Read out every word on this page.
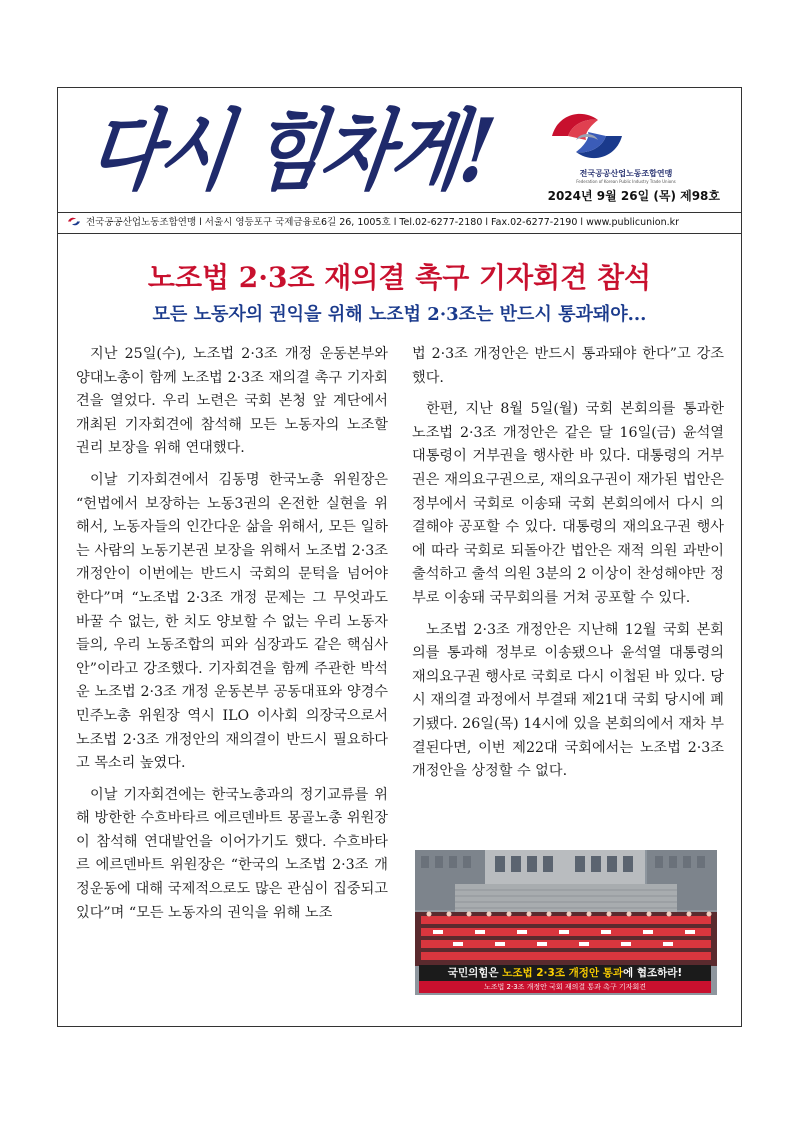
다시 힘차게!	전국공공산업노동조합연맹
Federation of Korean Public Industry Trade Unions
2024년 9월 26일 (목) 제98호
전국공공산업노동조합연맹 l 서울시 영등포구 국제금융로6길 26, 1005호 l Tel.02-6277-2180 l Fax.02-6277-2190 l www.publicunion.kr
노조법 2·3조 재의결 촉구 기자회견 참석
모든 노동자의 권익을 위해 노조법 2·3조는 반드시 통과돼야...

지난 25일(수), 노조법 2·3조 개정 운동본부와 양대노총이 함께 노조법 2·3조 재의결 촉구 기자회견을 열었다. 우리 노련은 국회 본청 앞 계단에서 개최된 기자회견에 참석해 모든 노동자의 노조할 권리 보장을 위해 연대했다.

이날 기자회견에서 김동명 한국노총 위원장은 “헌법에서 보장하는 노동3권의 온전한 실현을 위해서, 노동자들의 인간다운 삶을 위해서, 모든 일하는 사람의 노동기본권 보장을 위해서 노조법 2·3조 개정안이 이번에는 반드시 국회의 문턱을 넘어야 한다”며 “노조법 2·3조 개정 문제는 그 무엇과도 바꿀 수 없는, 한 치도 양보할 수 없는 우리 노동자들의, 우리 노동조합의 피와 심장과도 같은 핵심사안”이라고 강조했다. 기자회견을 함께 주관한 박석운 노조법 2·3조 개정 운동본부 공동대표와 양경수 민주노총 위원장 역시 ILO 이사회 의장국으로서 노조법 2·3조 개정안의 재의결이 반드시 필요하다고 목소리 높였다.

이날 기자회견에는 한국노총과의 정기교류를 위해 방한한 수흐바타르 에르덴바트 몽골노총 위원장이 참석해 연대발언을 이어가기도 했다. 수흐바타르 에르덴바트 위원장은 “한국의 노조법 2·3조 개정운동에 대해 국제적으로도 많은 관심이 집중되고 있다”며 “모든 노동자의 권익을 위해 노조

법 2·3조 개정안은 반드시 통과돼야 한다”고 강조했다.

한편, 지난 8월 5일(월) 국회 본회의를 통과한 노조법 2·3조 개정안은 같은 달 16일(금) 윤석열 대통령이 거부권을 행사한 바 있다. 대통령의 거부권은 재의요구권으로, 재의요구권이 재가된 법안은 정부에서 국회로 이송돼 국회 본회의에서 다시 의결해야 공포할 수 있다. 대통령의 재의요구권 행사에 따라 국회로 되돌아간 법안은 재적 의원 과반이 출석하고 출석 의원 3분의 2 이상이 찬성해야만 정부로 이송돼 국무회의를 거쳐 공포할 수 있다.

노조법 2·3조 개정안은 지난해 12월 국회 본회의를 통과해 정부로 이송됐으나 윤석열 대통령의 재의요구권 행사로 국회로 다시 이첩된 바 있다. 당시 재의결 과정에서 부결돼 제21대 국회 당시에 폐기됐다. 26일(목) 14시에 있을 본회의에서 재차 부결된다면, 이번 제22대 국회에서는 노조법 2·3조 개정안을 상정할 수 없다.

국민의힘은 노조법 2·3조 개정안 통과에 협조하라!
노조법 2·3조 개정안 국회 재의결 통과 촉구 기자회견
